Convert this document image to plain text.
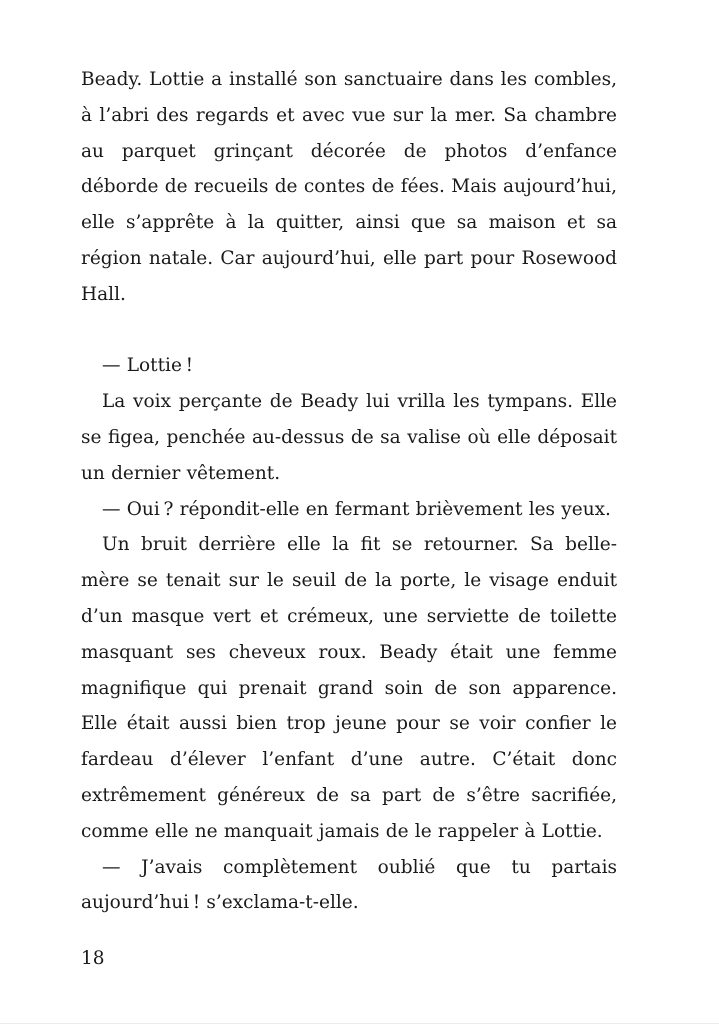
Beady. Lottie a installé son sanctuaire dans les combles, à l’abri des regards et avec vue sur la mer. Sa chambre au parquet grinçant décorée de photos d’enfance déborde de recueils de contes de fées. Mais aujourd’hui, elle s’apprête à la quitter, ainsi que sa maison et sa région natale. Car aujourd’hui, elle part pour Rosewood Hall.

— Lottie !

La voix perçante de Beady lui vrilla les tympans. Elle se figea, penchée au-dessus de sa valise où elle déposait un dernier vêtement.

— Oui ? répondit-elle en fermant brièvement les yeux.

Un bruit derrière elle la fit se retourner. Sa belle-mère se tenait sur le seuil de la porte, le visage enduit d’un masque vert et crémeux, une serviette de toilette masquant ses cheveux roux. Beady était une femme magnifique qui prenait grand soin de son apparence. Elle était aussi bien trop jeune pour se voir confier le fardeau d’élever l’enfant d’une autre. C’était donc extrêmement généreux de sa part de s’être sacrifiée, comme elle ne manquait jamais de le rappeler à Lottie.

— J’avais complètement oublié que tu partais aujourd’hui ! s’exclama-t-elle.

18
